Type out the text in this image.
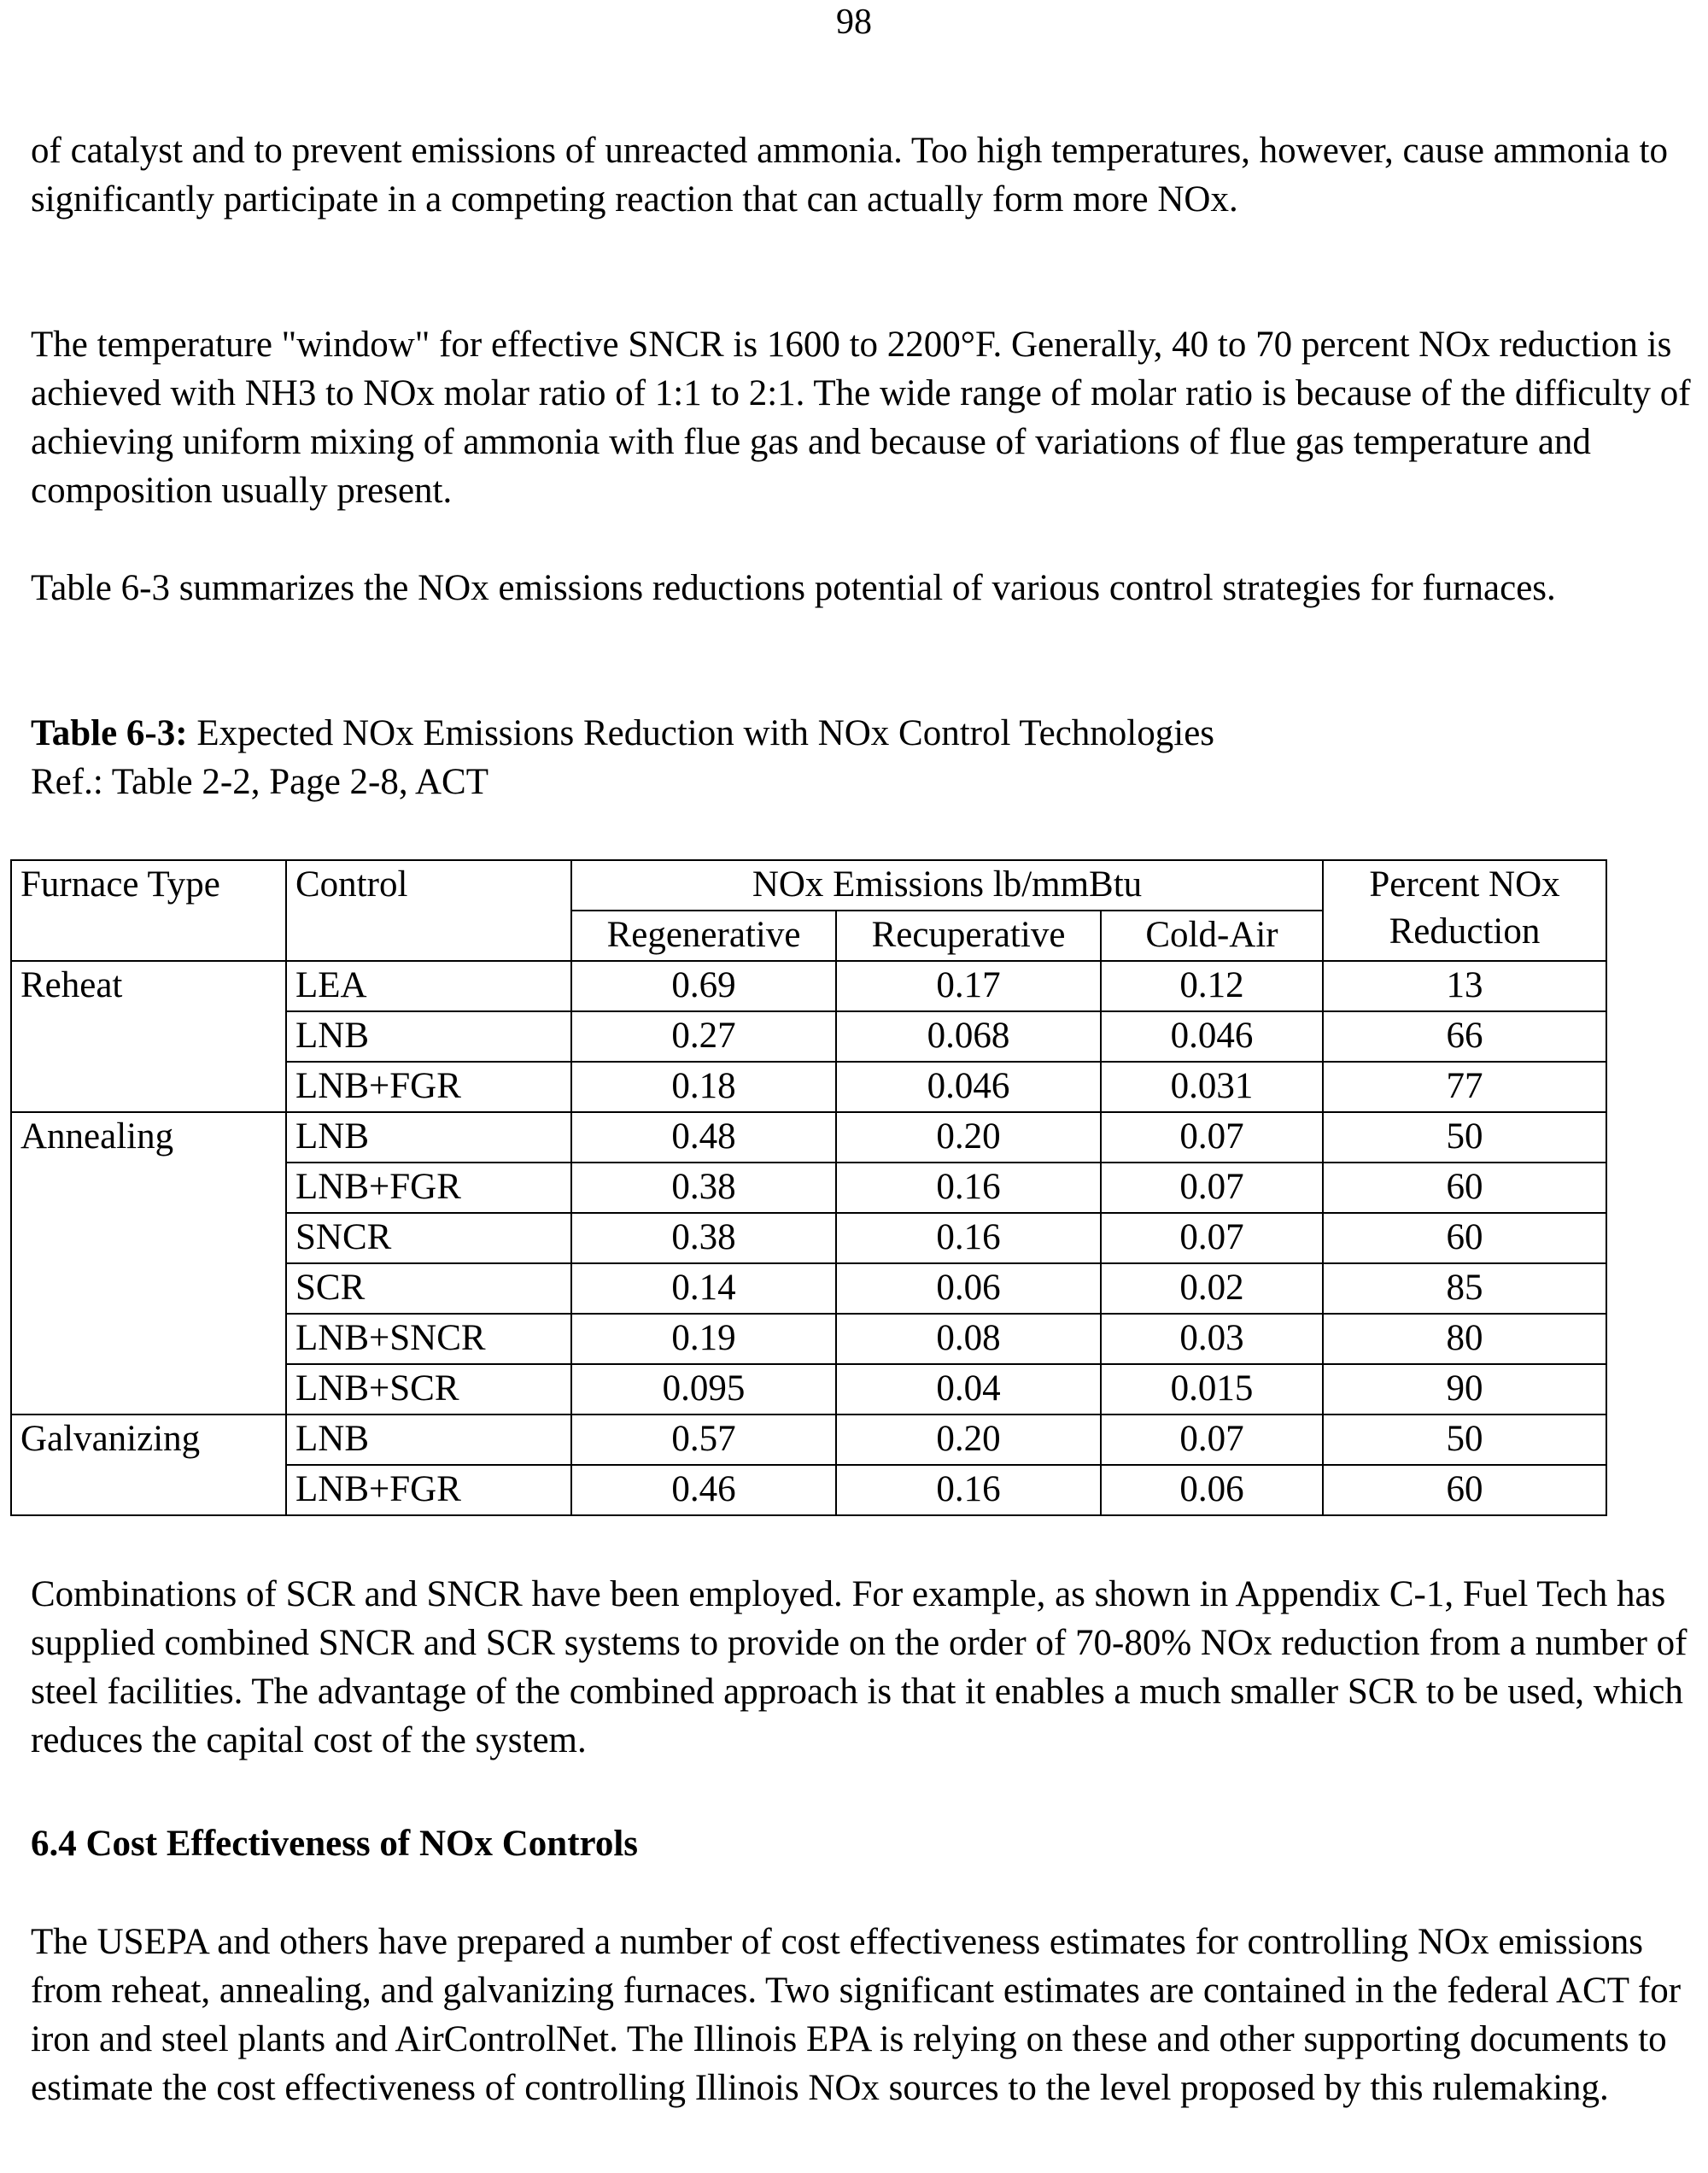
98

of catalyst and to prevent emissions of unreacted ammonia. Too high temperatures, however, cause ammonia to significantly participate in a competing reaction that can actually form more NOx.

The temperature "window" for effective SNCR is 1600 to 2200°F. Generally, 40 to 70 percent NOx reduction is achieved with NH3 to NOx molar ratio of 1:1 to 2:1. The wide range of molar ratio is because of the difficulty of achieving uniform mixing of ammonia with flue gas and because of variations of flue gas temperature and composition usually present.

Table 6-3 summarizes the NOx emissions reductions potential of various control strategies for furnaces.

Table 6-3: Expected NOx Emissions Reduction with NOx Control Technologies
Ref.: Table 2-2, Page 2-8, ACT

Furnace Type	Control	NOx Emissions lb/mmBtu			Percent NOx
Reduction
		Regenerative	Recuperative	Cold-Air	
Reheat	LEA	0.69	0.17	0.12	13
	LNB	0.27	0.068	0.046	66
	LNB+FGR	0.18	0.046	0.031	77
Annealing	LNB	0.48	0.20	0.07	50
	LNB+FGR	0.38	0.16	0.07	60
	SNCR	0.38	0.16	0.07	60
	SCR	0.14	0.06	0.02	85
	LNB+SNCR	0.19	0.08	0.03	80
	LNB+SCR	0.095	0.04	0.015	90
Galvanizing	LNB	0.57	0.20	0.07	50
	LNB+FGR	0.46	0.16	0.06	60

Combinations of SCR and SNCR have been employed. For example, as shown in Appendix C-1, Fuel Tech has supplied combined SNCR and SCR systems to provide on the order of 70-80% NOx reduction from a number of steel facilities. The advantage of the combined approach is that it enables a much smaller SCR to be used, which reduces the capital cost of the system.

6.4 Cost Effectiveness of NOx Controls

The USEPA and others have prepared a number of cost effectiveness estimates for controlling NOx emissions from reheat, annealing, and galvanizing furnaces. Two significant estimates are contained in the federal ACT for iron and steel plants and AirControlNet. The Illinois EPA is relying on these and other supporting documents to estimate the cost effectiveness of controlling Illinois NOx sources to the level proposed by this rulemaking.
